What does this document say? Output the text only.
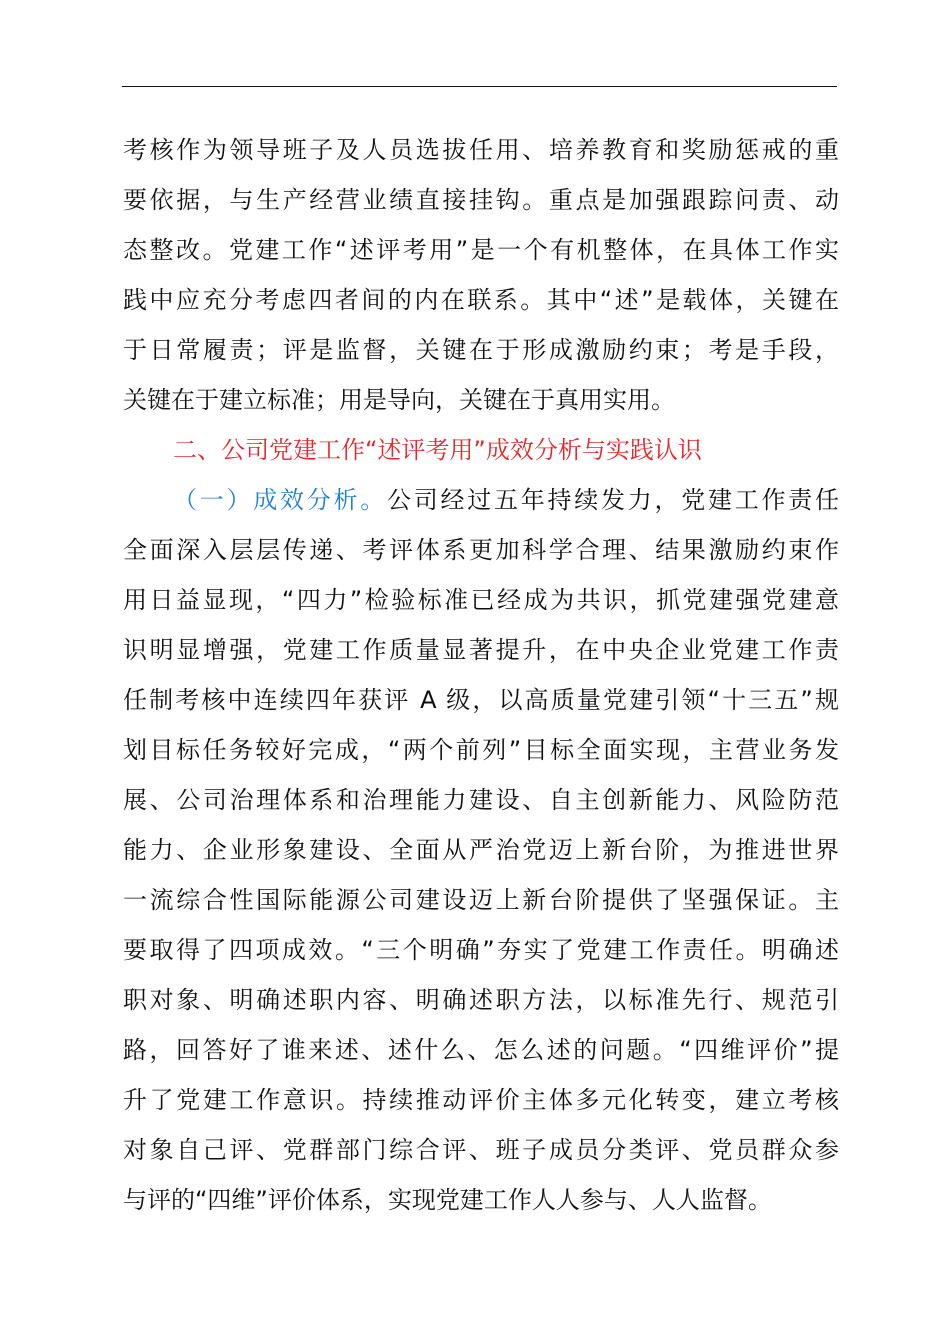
考核作为领导班子及人员选拔任用、培养教育和奖励惩戒的重
要依据，与生产经营业绩直接挂钩。重点是加强跟踪问责、动
态整改。党建工作“述评考用”是一个有机整体，在具体工作实
践中应充分考虑四者间的内在联系。其中“述”是载体，关键在
于日常履责；评是监督，关键在于形成激励约束；考是手段，
关键在于建立标准；用是导向，关键在于真用实用。
二、公司党建工作“述评考用”成效分析与实践认识
（一）成效分析。公司经过五年持续发力，党建工作责任
全面深入层层传递、考评体系更加科学合理、结果激励约束作
用日益显现，“四力”检验标准已经成为共识，抓党建强党建意
识明显增强，党建工作质量显著提升，在中央企业党建工作责
任制考核中连续四年获评 A 级，以高质量党建引领“十三五”规
划目标任务较好完成，“两个前列”目标全面实现，主营业务发
展、公司治理体系和治理能力建设、自主创新能力、风险防范
能力、企业形象建设、全面从严治党迈上新台阶，为推进世界
一流综合性国际能源公司建设迈上新台阶提供了坚强保证。主
要取得了四项成效。“三个明确”夯实了党建工作责任。明确述
职对象、明确述职内容、明确述职方法，以标准先行、规范引
路，回答好了谁来述、述什么、怎么述的问题。“四维评价”提
升了党建工作意识。持续推动评价主体多元化转变，建立考核
对象自己评、党群部门综合评、班子成员分类评、党员群众参
与评的“四维”评价体系，实现党建工作人人参与、人人监督。
